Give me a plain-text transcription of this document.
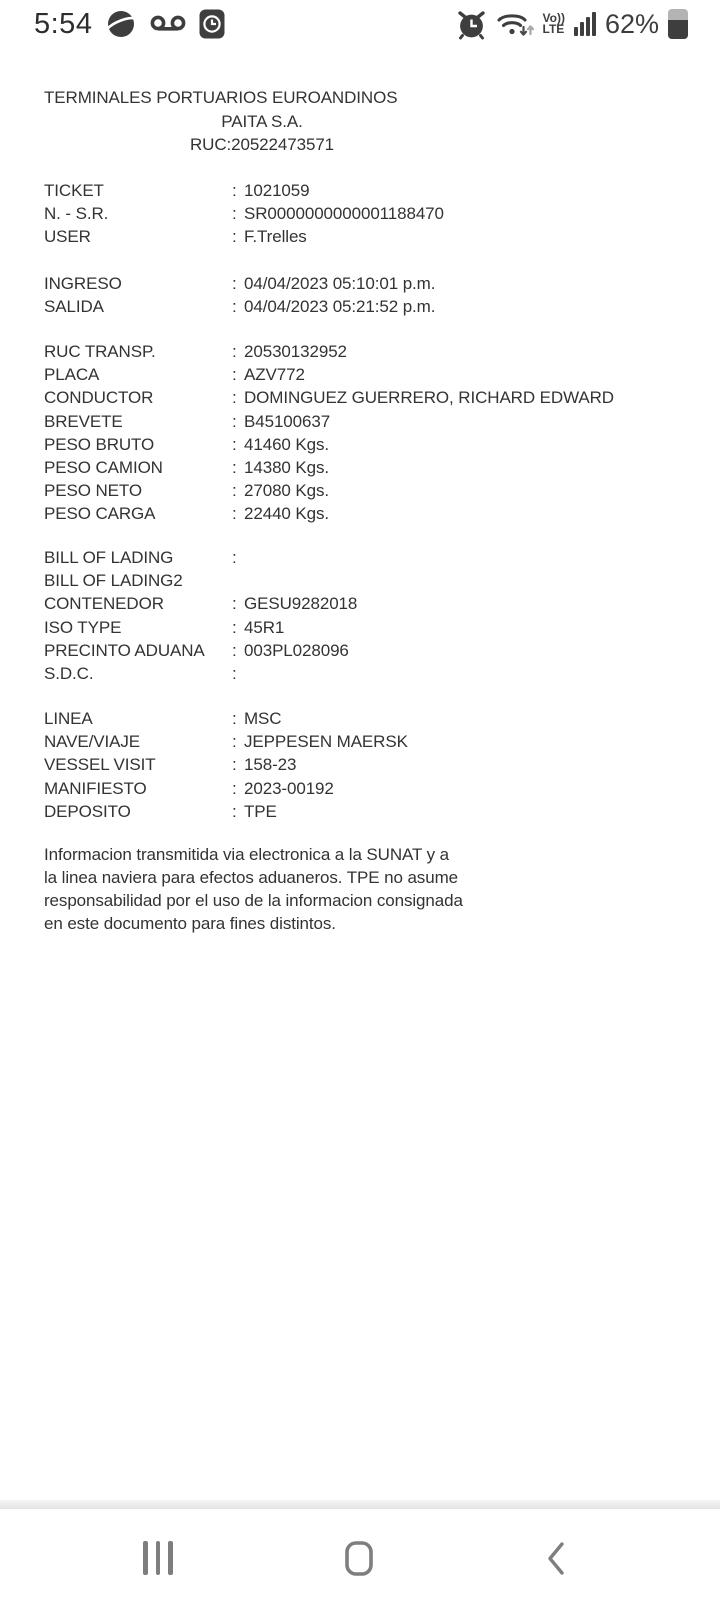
5:54	Vo))
LTE 62%
TERMINALES PORTUARIOS EUROANDINOS
PAITA S.A.
RUC:20522473571
TICKET	: 1021059
N. - S.R.	: SR0000000000001188470
USER	: F.Trelles
INGRESO	: 04/04/2023 05:10:01 p.m.
SALIDA	: 04/04/2023 05:21:52 p.m.
RUC TRANSP.	: 20530132952
PLACA	: AZV772
CONDUCTOR	: DOMINGUEZ GUERRERO, RICHARD EDWARD
BREVETE	: B45100637
PESO BRUTO	: 41460 Kgs.
PESO CAMION	: 14380 Kgs.
PESO NETO	: 27080 Kgs.
PESO CARGA	: 22440 Kgs.
BILL OF LADING	:
BILL OF LADING2
CONTENEDOR	: GESU9282018
ISO TYPE	: 45R1
PRECINTO ADUANA	: 003PL028096
S.D.C.	:
LINEA	: MSC
NAVE/VIAJE	: JEPPESEN MAERSK
VESSEL VISIT	: 158-23
MANIFIESTO	: 2023-00192
DEPOSITO	: TPE
Informacion transmitida via electronica a la SUNAT y a
la linea naviera para efectos aduaneros. TPE no asume
responsabilidad por el uso de la informacion consignada
en este documento para fines distintos.
